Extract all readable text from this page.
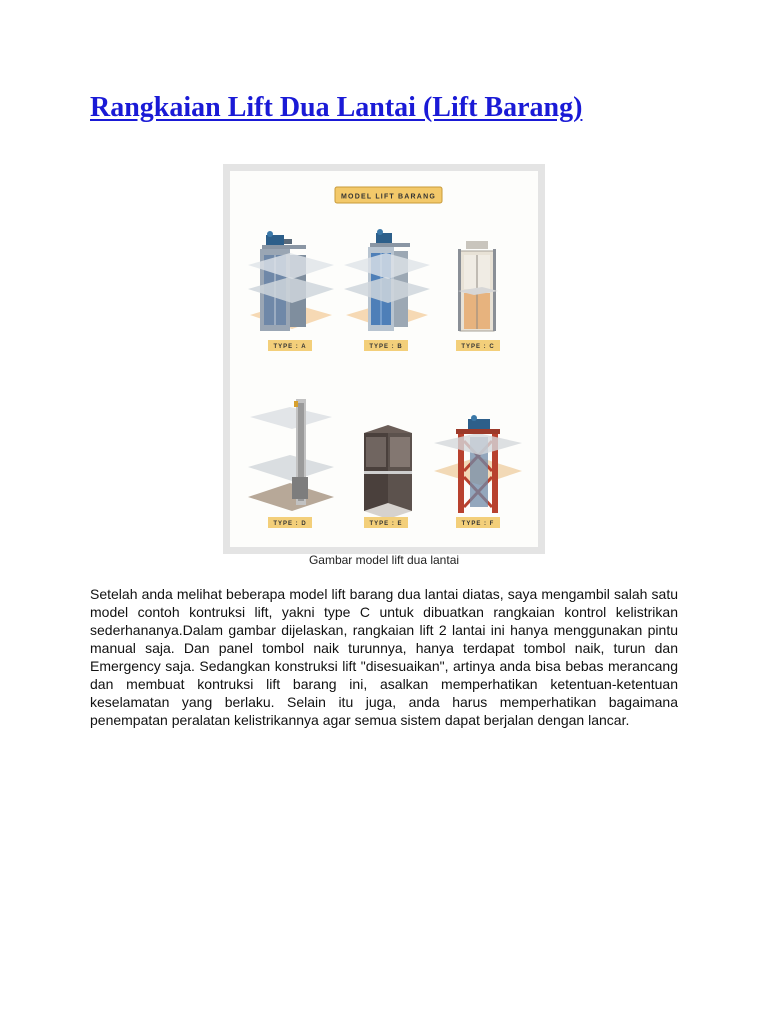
Rangkaian Lift Dua Lantai (Lift Barang)
MODEL LIFT BARANG
TYPE : A	TYPE : B	TYPE : C
TYPE : D	TYPE : E	TYPE : F
Gambar model lift dua lantai

Setelah anda melihat beberapa model lift barang dua lantai diatas, saya mengambil salah satu model contoh kontruksi lift, yakni type C untuk dibuatkan rangkaian kontrol kelistrikan sederhananya.Dalam gambar dijelaskan, rangkaian lift 2 lantai ini hanya menggunakan pintu manual saja. Dan panel tombol naik turunnya, hanya terdapat tombol naik, turun dan Emergency saja. Sedangkan konstruksi lift "disesuaikan", artinya anda bisa bebas merancang dan membuat kontruksi lift barang ini, asalkan memperhatikan ketentuan-ketentuan keselamatan yang berlaku. Selain itu juga, anda harus memperhatikan bagaimana penempatan peralatan kelistrikannya agar semua sistem dapat berjalan dengan lancar.
